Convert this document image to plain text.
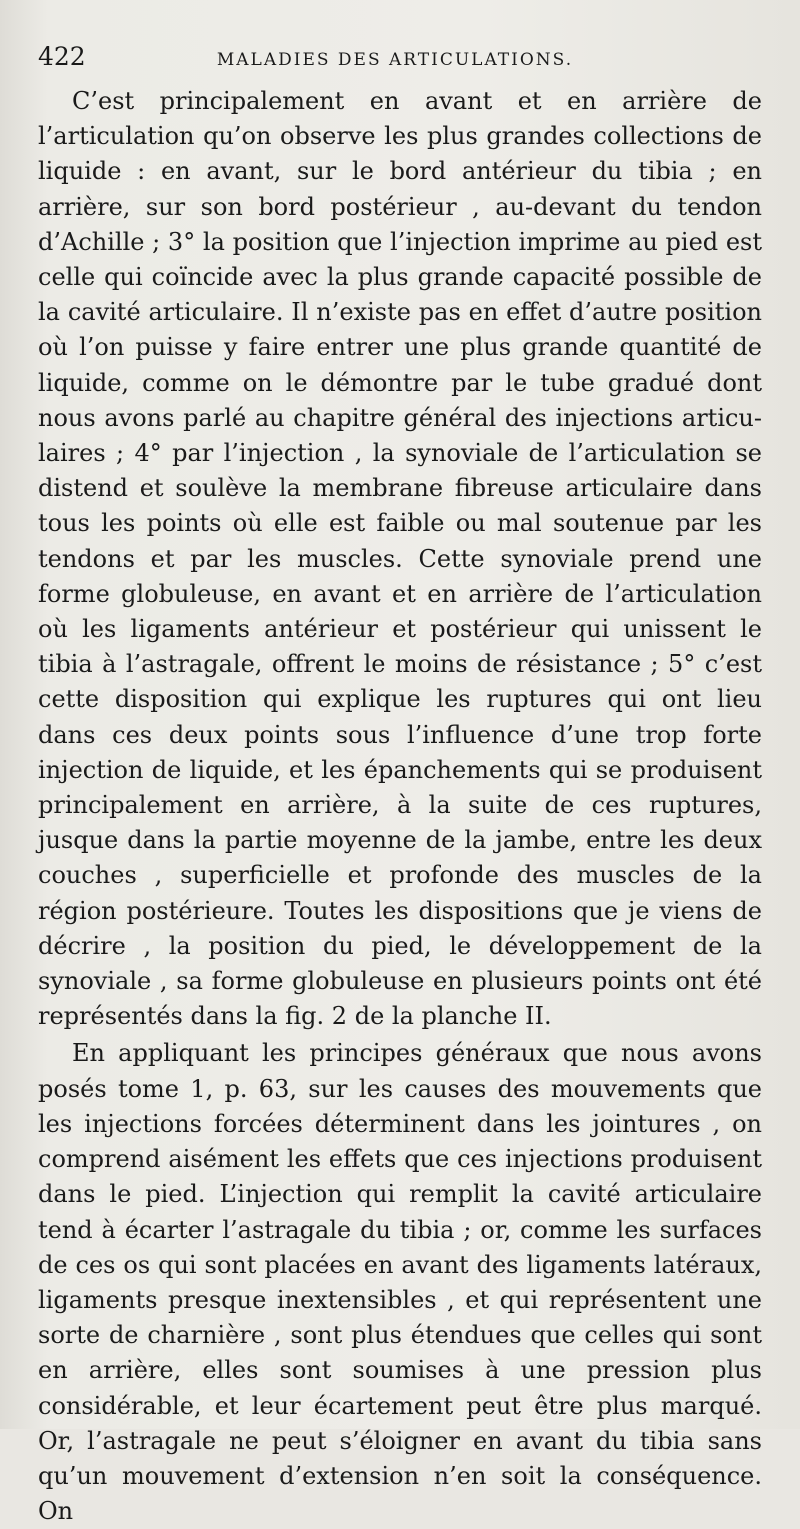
422	MALADIES DES ARTICULATIONS.

C’est principalement en avant et en arrière de l’articulation qu’on observe les plus grandes collections de liquide : en avant, sur le bord antérieur du tibia ; en arrière, sur son bord postérieur , au-devant du tendon d’Achille ; 3° la position que l’injection imprime au pied est celle qui coïncide avec la plus grande capacité possible de la cavité articulaire. Il n’existe pas en effet d’autre position où l’on puisse y faire entrer une plus grande quantité de liquide, comme on le démontre par le tube gradué dont nous avons parlé au chapitre général des injections articulaires ; 4° par l’injection , la synoviale de l’articulation se distend et soulève la membrane fibreuse articulaire dans tous les points où elle est faible ou mal soutenue par les tendons et par les muscles. Cette synoviale prend une forme globuleuse, en avant et en arrière de l’articulation où les ligaments antérieur et postérieur qui unissent le tibia à l’astragale, offrent le moins de résistance ; 5° c’est cette disposition qui explique les ruptures qui ont lieu dans ces deux points sous l’influence d’une trop forte injection de liquide, et les épanchements qui se produisent principalement en arrière, à la suite de ces ruptures, jusque dans la partie moyenne de la jambe, entre les deux couches , superficielle et profonde des muscles de la région postérieure. Toutes les dispositions que je viens de décrire , la position du pied, le développement de la synoviale , sa forme globuleuse en plusieurs points ont été représentés dans la fig. 2 de la planche II.

En appliquant les principes généraux que nous avons posés tome 1, p. 63, sur les causes des mouvements que les injections forcées déterminent dans les jointures , on comprend aisément les effets que ces injections produisent dans le pied. L’injection qui remplit la cavité articulaire tend à écarter l’astragale du tibia ; or, comme les surfaces de ces os qui sont placées en avant des ligaments latéraux, ligaments presque inextensibles , et qui représentent une sorte de charnière , sont plus étendues que celles qui sont en arrière, elles sont soumises à une pression plus considérable, et leur écartement peut être plus marqué. Or, l’astragale ne peut s’éloigner en avant du tibia sans qu’un mouvement d’extension n’en soit la conséquence. On
